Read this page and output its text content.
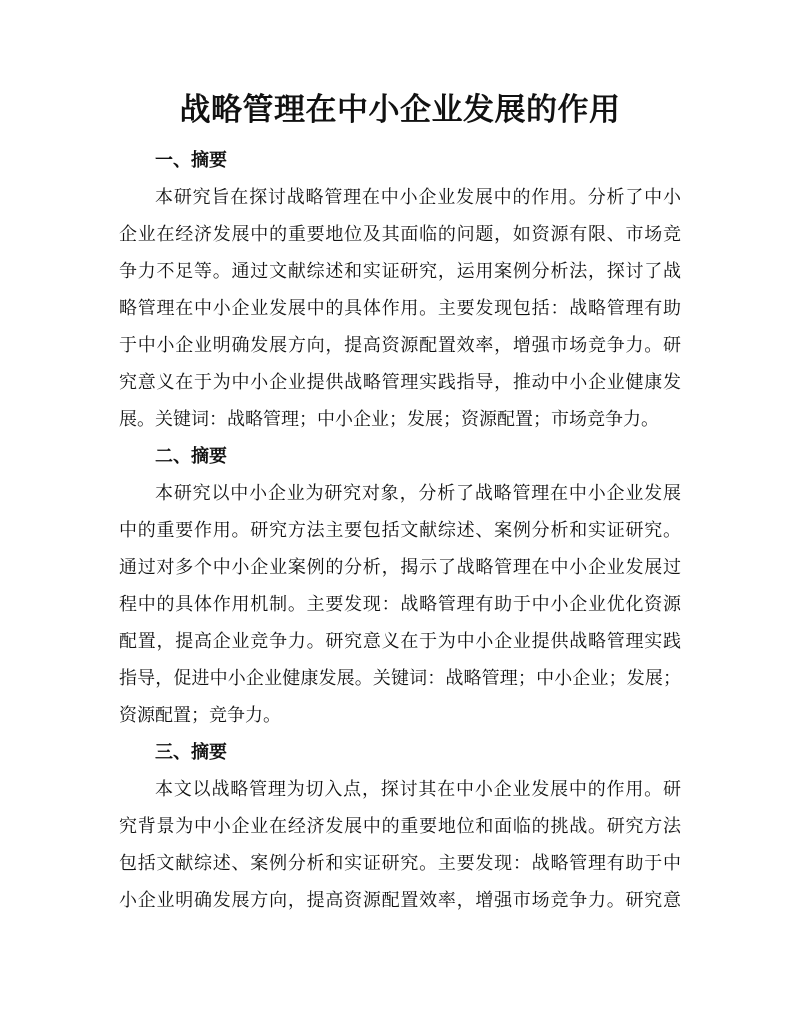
战略管理在中小企业发展的作用

一、摘要

本研究旨在探讨战略管理在中小企业发展中的作用。分析了中小
企业在经济发展中的重要地位及其面临的问题，如资源有限、市场竞
争力不足等。通过文献综述和实证研究，运用案例分析法，探讨了战
略管理在中小企业发展中的具体作用。主要发现包括：战略管理有助
于中小企业明确发展方向，提高资源配置效率，增强市场竞争力。研
究意义在于为中小企业提供战略管理实践指导，推动中小企业健康发
展。关键词：战略管理；中小企业；发展；资源配置；市场竞争力。

二、摘要

本研究以中小企业为研究对象，分析了战略管理在中小企业发展
中的重要作用。研究方法主要包括文献综述、案例分析和实证研究。
通过对多个中小企业案例的分析，揭示了战略管理在中小企业发展过
程中的具体作用机制。主要发现：战略管理有助于中小企业优化资源
配置，提高企业竞争力。研究意义在于为中小企业提供战略管理实践
指导，促进中小企业健康发展。关键词：战略管理；中小企业；发展；
资源配置；竞争力。

三、摘要

本文以战略管理为切入点，探讨其在中小企业发展中的作用。研
究背景为中小企业在经济发展中的重要地位和面临的挑战。研究方法
包括文献综述、案例分析和实证研究。主要发现：战略管理有助于中
小企业明确发展方向，提高资源配置效率，增强市场竞争力。研究意
